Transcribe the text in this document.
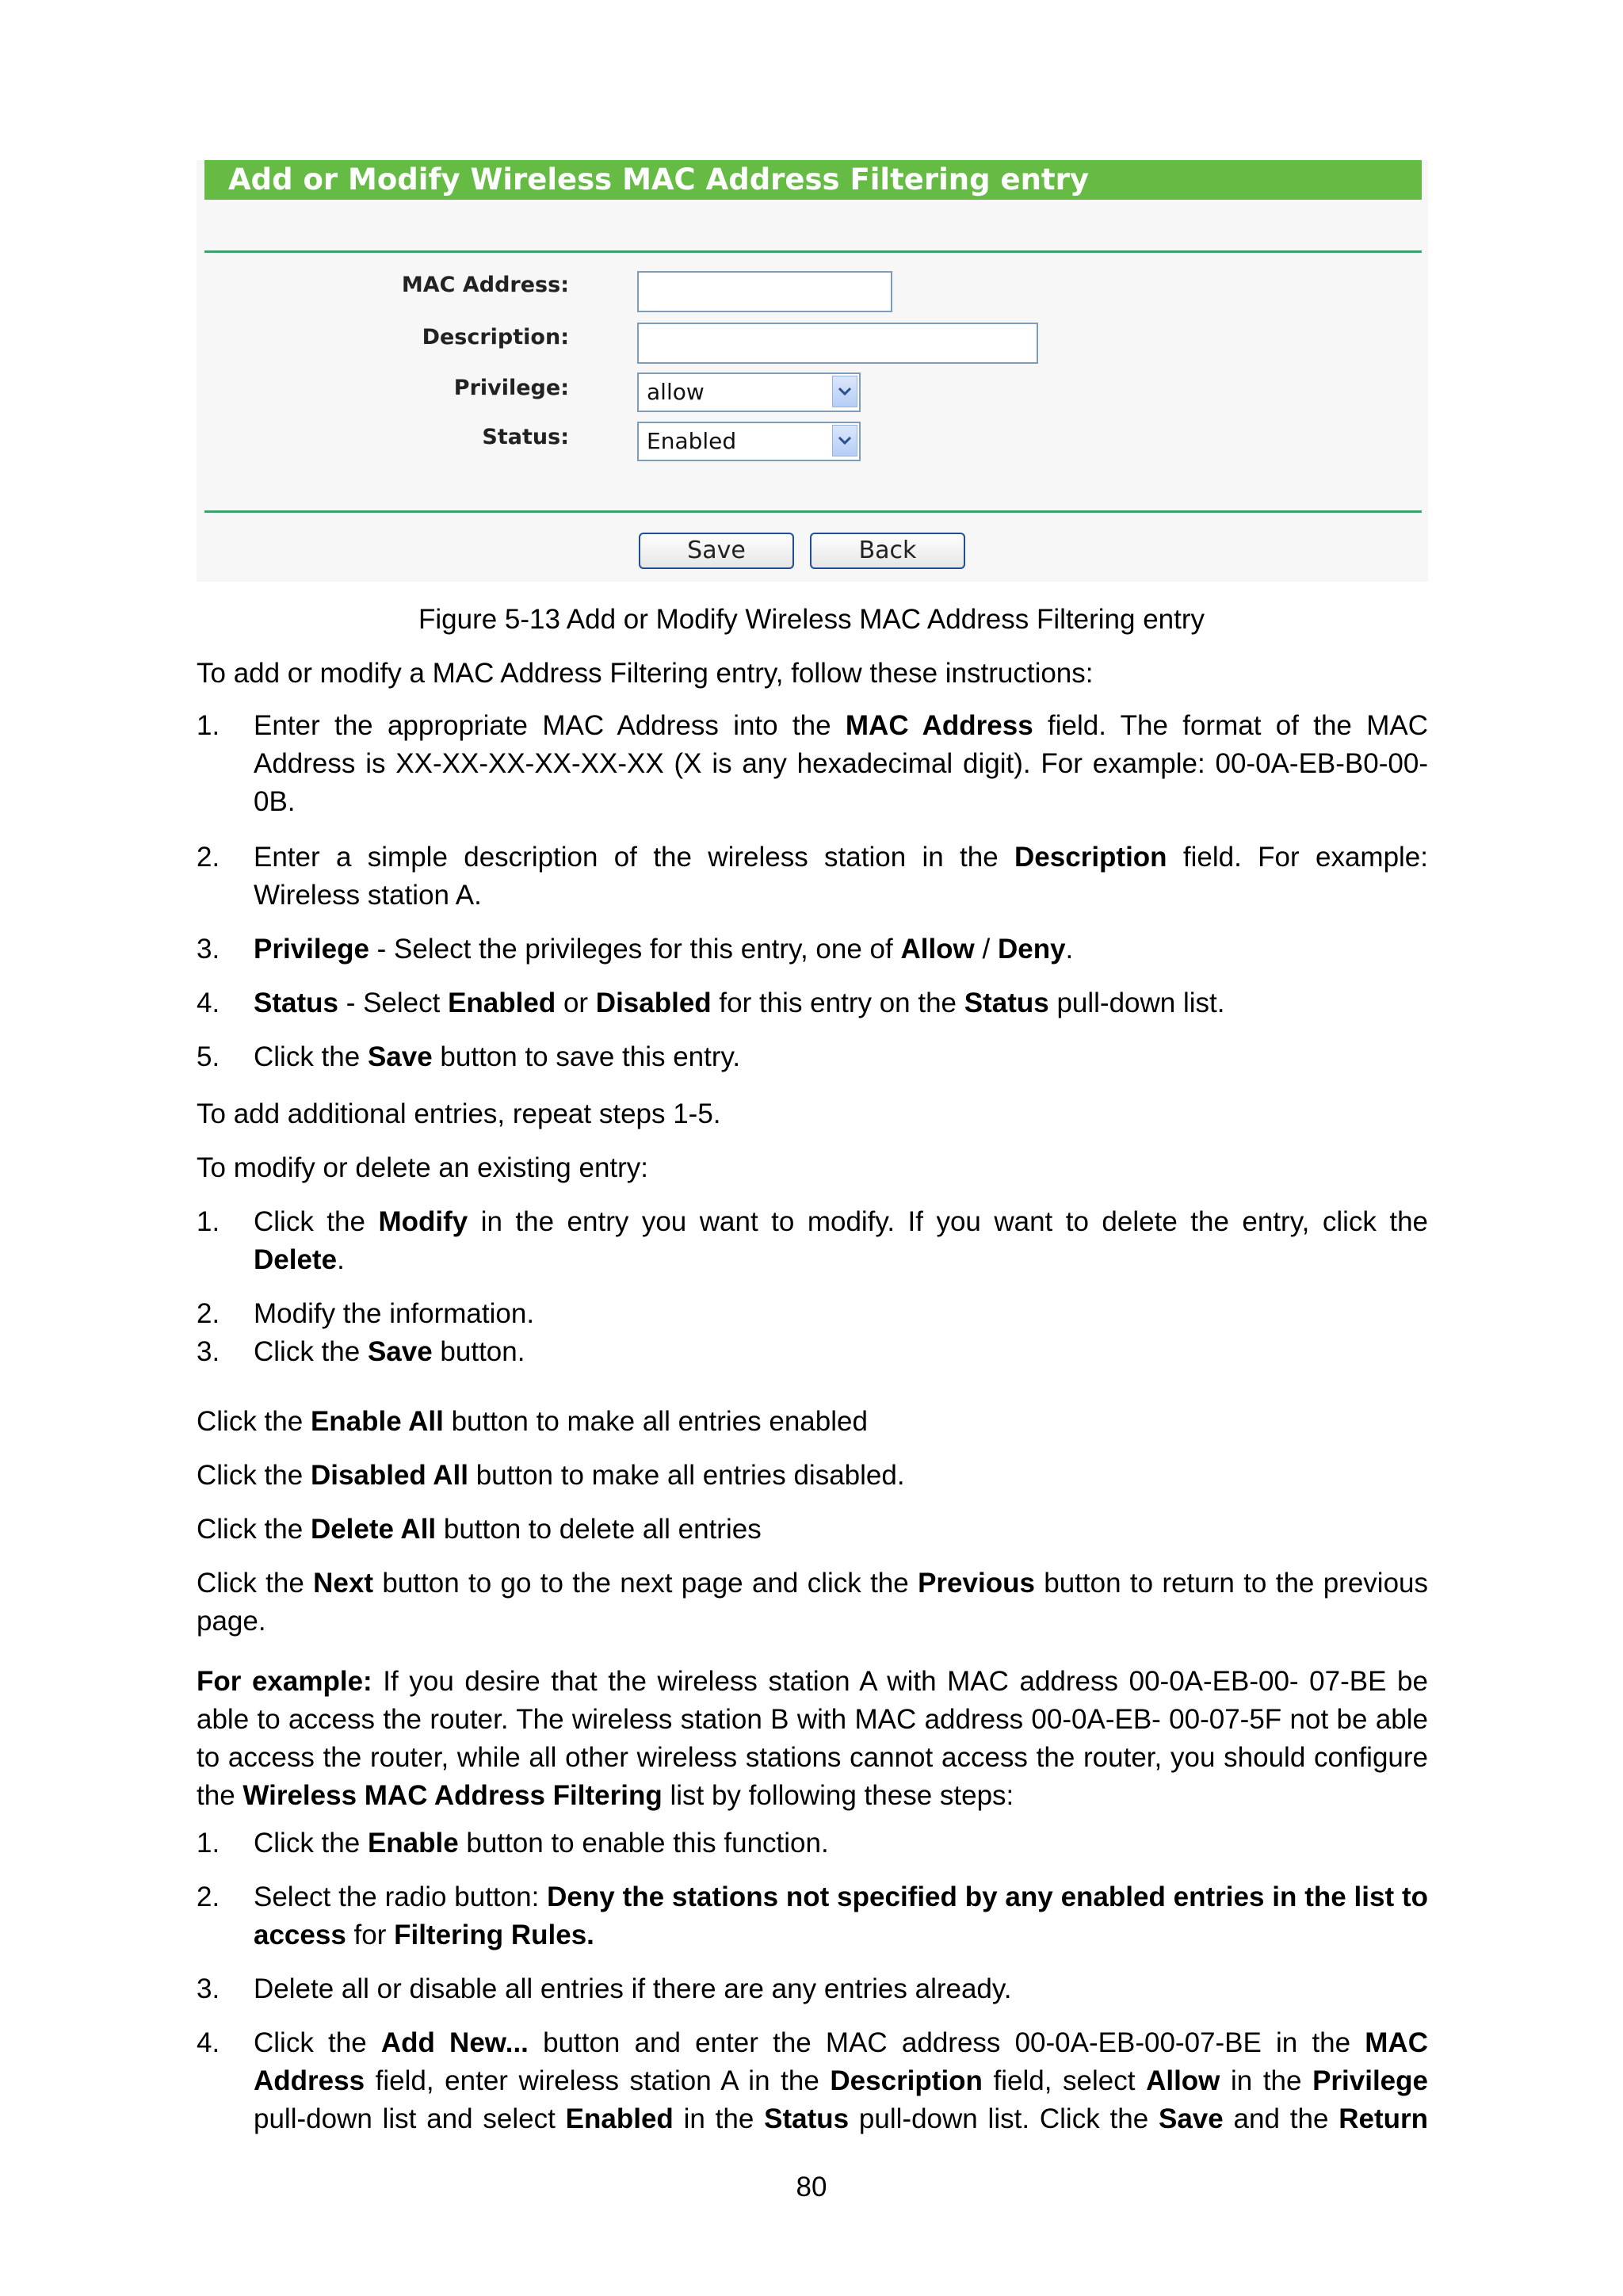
Add or Modify Wireless MAC Address Filtering entry
MAC Address:
Description:
Privilege:	allow
Status:	Enabled
Save	Back
Figure 5-13 Add or Modify Wireless MAC Address Filtering entry
To add or modify a MAC Address Filtering entry, follow these instructions:
1. Enter the appropriate MAC Address into the MAC Address field. The format of the MAC Address is XX-XX-XX-XX-XX-XX (X is any hexadecimal digit). For example: 00-0A-EB-B0-00-0B.
2. Enter a simple description of the wireless station in the Description field. For example: Wireless station A.
3. Privilege - Select the privileges for this entry, one of Allow / Deny.
4. Status - Select Enabled or Disabled for this entry on the Status pull-down list.
5. Click the Save button to save this entry.
To add additional entries, repeat steps 1-5.
To modify or delete an existing entry:
1. Click the Modify in the entry you want to modify. If you want to delete the entry, click the Delete.
2. Modify the information.
3. Click the Save button.
Click the Enable All button to make all entries enabled
Click the Disabled All button to make all entries disabled.
Click the Delete All button to delete all entries
Click the Next button to go to the next page and click the Previous button to return to the previous page.
For example: If you desire that the wireless station A with MAC address 00-0A-EB-00- 07-BE be able to access the router. The wireless station B with MAC address 00-0A-EB- 00-07-5F not be able to access the router, while all other wireless stations cannot access the router, you should configure the Wireless MAC Address Filtering list by following these steps:
1. Click the Enable button to enable this function.
2. Select the radio button: Deny the stations not specified by any enabled entries in the list to access for Filtering Rules.
3. Delete all or disable all entries if there are any entries already.
4. Click the Add New... button and enter the MAC address 00-0A-EB-00-07-BE in the MAC Address field, enter wireless station A in the Description field, select Allow in the Privilege pull-down list and select Enabled in the Status pull-down list. Click the Save and the Return
80
